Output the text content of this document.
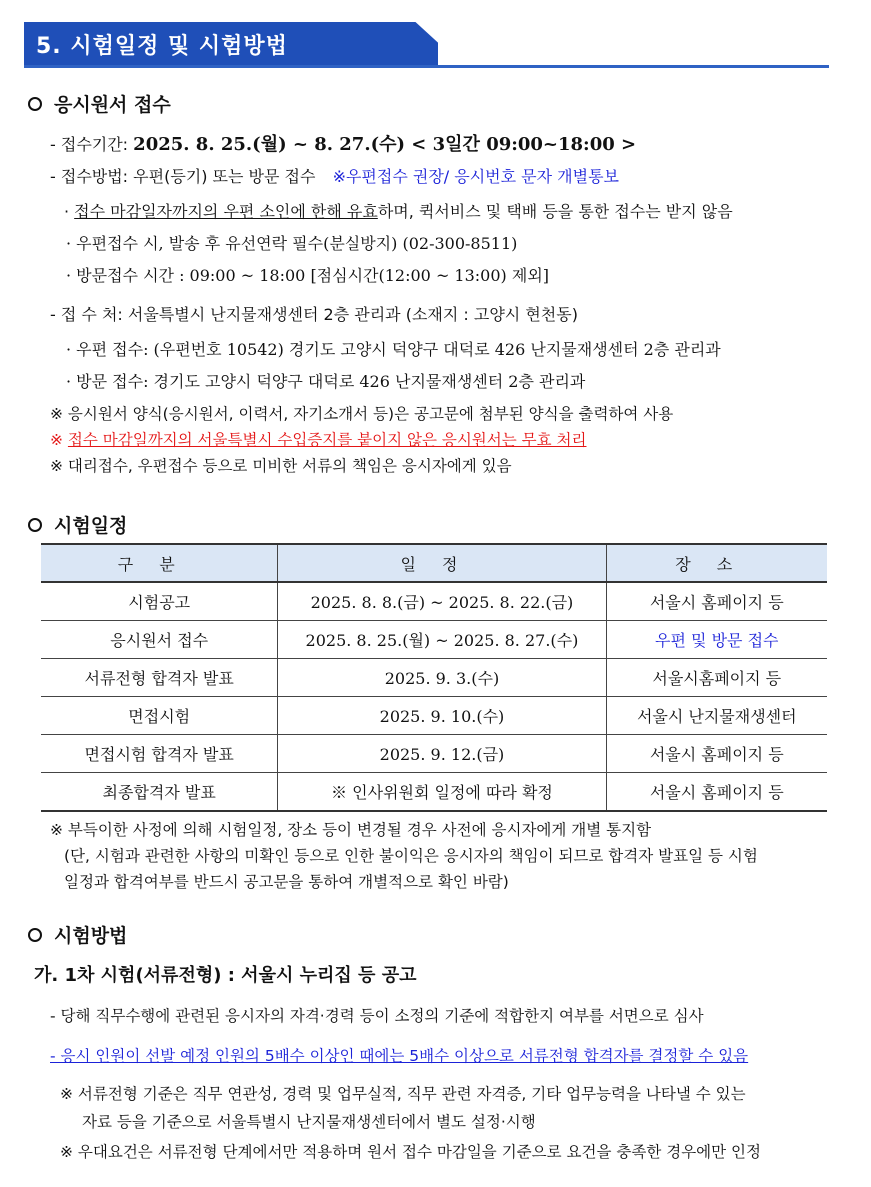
5. 시험일정 및 시험방법
응시원서 접수
- 접수기간: 2025. 8. 25.(월) ~ 8. 27.(수) < 3일간 09:00~18:00 >
- 접수방법: 우편(등기) 또는 방문 접수 ※우편접수 권장/ 응시번호 문자 개별통보
· 접수 마감일자까지의 우편 소인에 한해 유효하며, 퀵서비스 및 택배 등을 통한 접수는 받지 않음
· 우편접수 시, 발송 후 유선연락 필수(분실방지) (02-300-8511)
· 방문접수 시간 : 09:00 ~ 18:00 [점심시간(12:00 ~ 13:00) 제외]
- 접 수 처: 서울특별시 난지물재생센터 2층 관리과 (소재지 : 고양시 현천동)
· 우편 접수: (우편번호 10542) 경기도 고양시 덕양구 대덕로 426 난지물재생센터 2층 관리과
· 방문 접수: 경기도 고양시 덕양구 대덕로 426 난지물재생센터 2층 관리과
※ 응시원서 양식(응시원서, 이력서, 자기소개서 등)은 공고문에 첨부된 양식을 출력하여 사용
※ 접수 마감일까지의 서울특별시 수입증지를 붙이지 않은 응시원서는 무효 처리
※ 대리접수, 우편접수 등으로 미비한 서류의 책임은 응시자에게 있음
시험일정
구분	일정	장소
시험공고	2025. 8. 8.(금) ~ 2025. 8. 22.(금)	서울시 홈페이지 등
응시원서 접수	2025. 8. 25.(월) ~ 2025. 8. 27.(수)	우편 및 방문 접수
서류전형 합격자 발표	2025. 9. 3.(수)	서울시홈페이지 등
면접시험	2025. 9. 10.(수)	서울시 난지물재생센터
면접시험 합격자 발표	2025. 9. 12.(금)	서울시 홈페이지 등
최종합격자 발표	※ 인사위원회 일정에 따라 확정	서울시 홈페이지 등
※ 부득이한 사정에 의해 시험일정, 장소 등이 변경될 경우 사전에 응시자에게 개별 통지함
(단, 시험과 관련한 사항의 미확인 등으로 인한 불이익은 응시자의 책임이 되므로 합격자 발표일 등 시험
일정과 합격여부를 반드시 공고문을 통하여 개별적으로 확인 바람)
시험방법
가. 1차 시험(서류전형) : 서울시 누리집 등 공고
- 당해 직무수행에 관련된 응시자의 자격·경력 등이 소정의 기준에 적합한지 여부를 서면으로 심사
- 응시 인원이 선발 예정 인원의 5배수 이상인 때에는 5배수 이상으로 서류전형 합격자를 결정할 수 있음
※ 서류전형 기준은 직무 연관성, 경력 및 업무실적, 직무 관련 자격증, 기타 업무능력을 나타낼 수 있는
자료 등을 기준으로 서울특별시 난지물재생센터에서 별도 설정·시행
※ 우대요건은 서류전형 단계에서만 적용하며 원서 접수 마감일을 기준으로 요건을 충족한 경우에만 인정
